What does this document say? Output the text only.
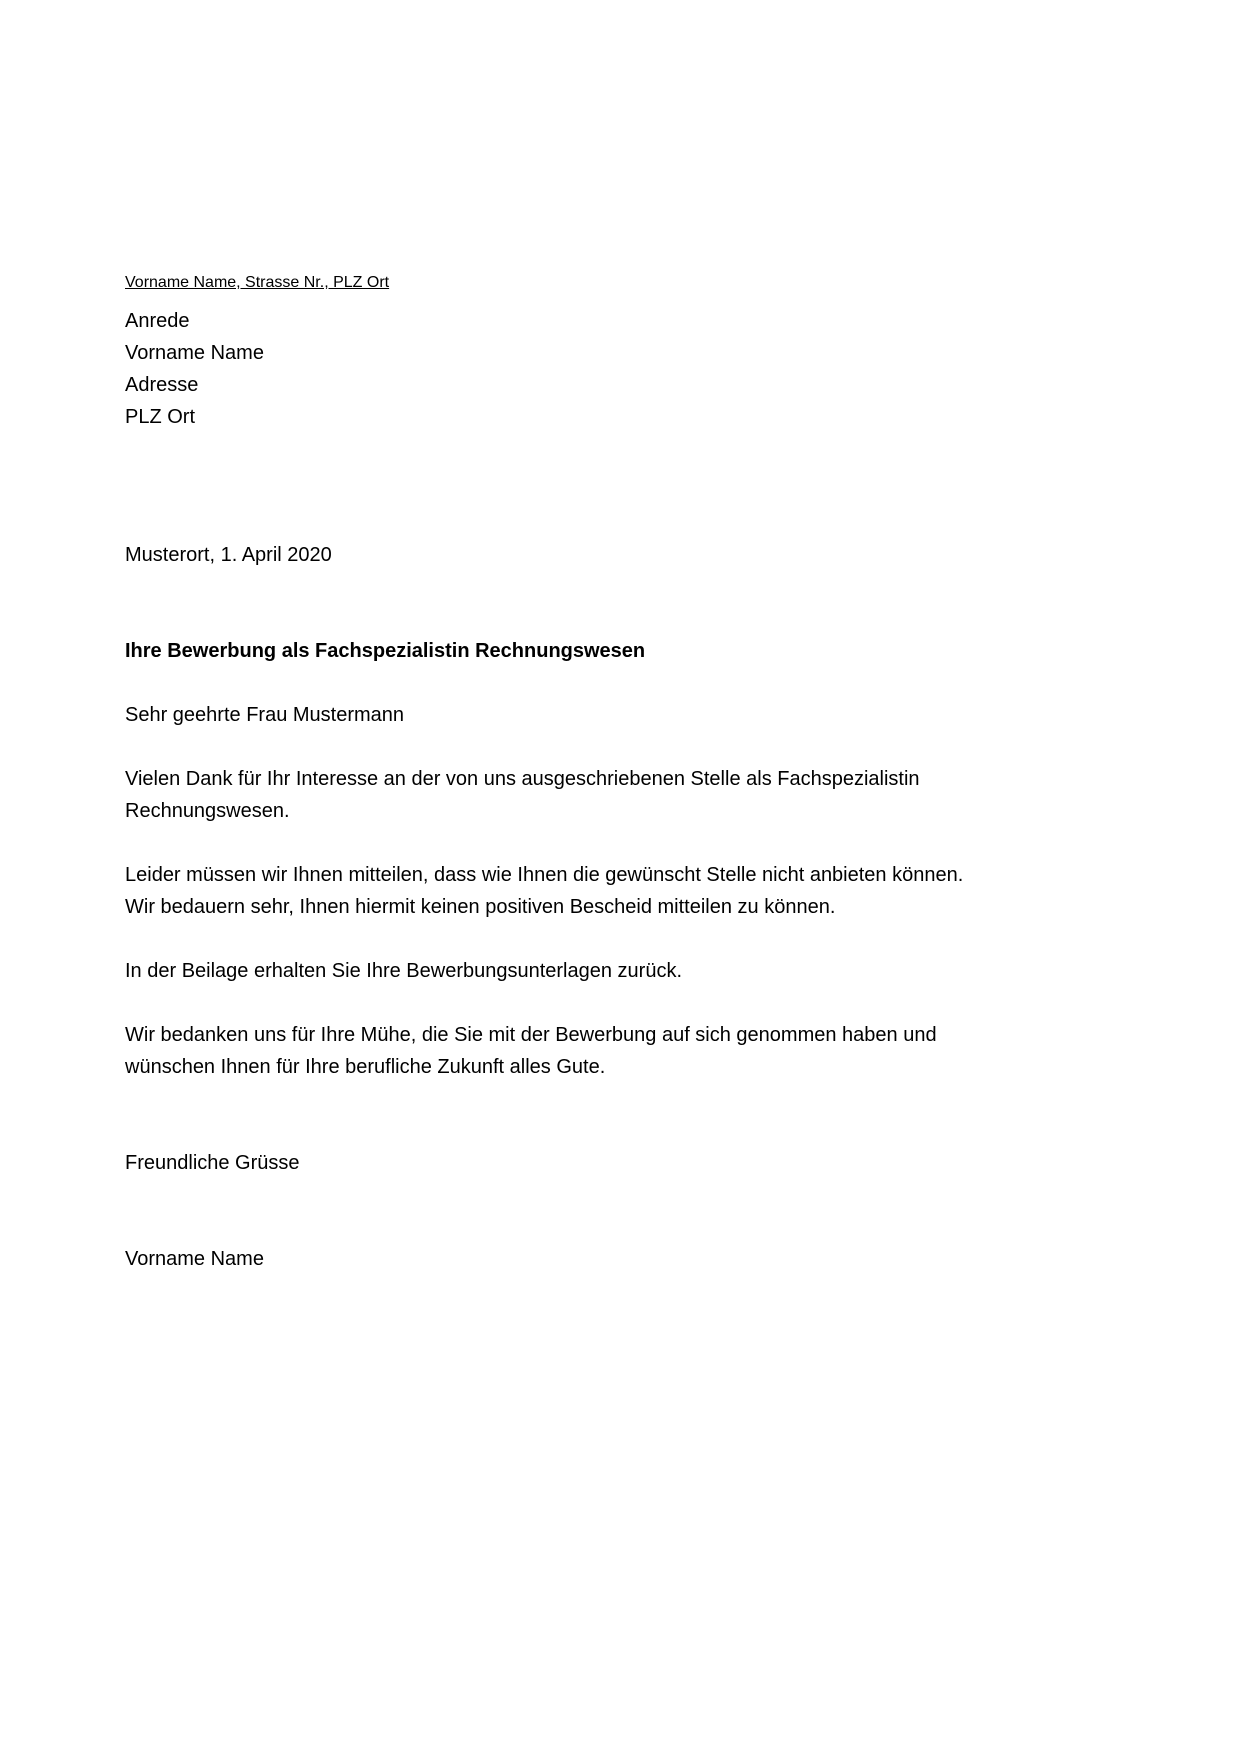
Vorname Name, Strasse Nr., PLZ Ort
Anrede
Vorname Name
Adresse
PLZ Ort
Musterort, 1. April 2020
Ihre Bewerbung als Fachspezialistin Rechnungswesen
Sehr geehrte Frau Mustermann

Vielen Dank für Ihr Interesse an der von uns ausgeschriebenen Stelle als Fachspezialistin Rechnungswesen.

Leider müssen wir Ihnen mitteilen, dass wie Ihnen die gewünscht Stelle nicht anbieten können. Wir bedauern sehr, Ihnen hiermit keinen positiven Bescheid mitteilen zu können.

In der Beilage erhalten Sie Ihre Bewerbungsunterlagen zurück.

Wir bedanken uns für Ihre Mühe, die Sie mit der Bewerbung auf sich genommen haben und wünschen Ihnen für Ihre berufliche Zukunft alles Gute.

Freundliche Grüsse
Vorname Name
